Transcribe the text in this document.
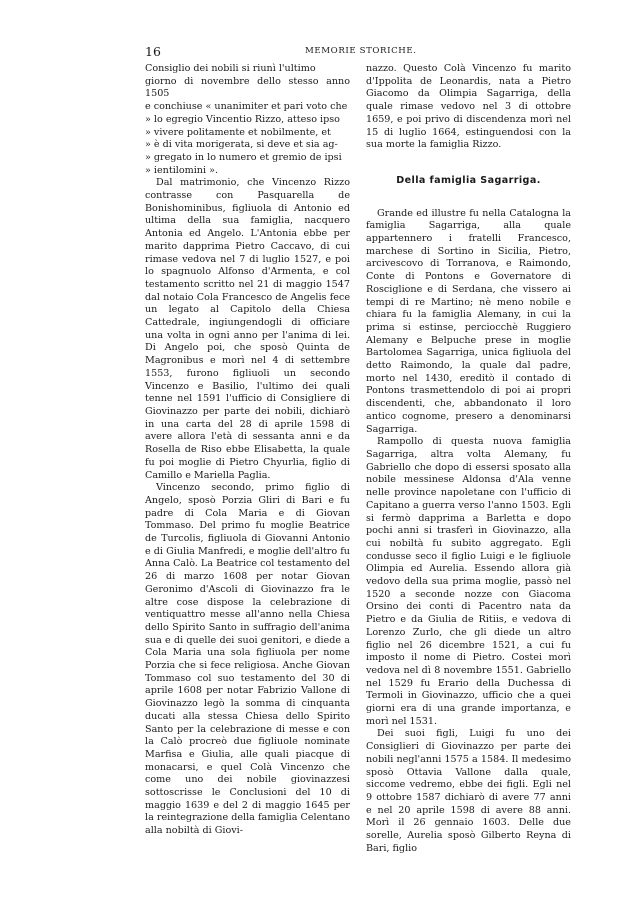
16	MEMORIE STORICHE.
Consiglio dei nobili si riunì l'ultimo
giorno di novembre dello stesso anno 1505
e conchiuse « unanimiter et pari voto che
» lo egregio Vincentio Rizzo, atteso ipso
» vivere politamente et nobilmente, et
» è di vita morigerata, si deve et sia ag-
» gregato in lo numero et gremio de ipsi
» ientilomini ».

Dal matrimonio, che Vincenzo Rizzo contrasse con Pasquarella de Bonishominibus, figliuola di Antonio ed ultima della sua famiglia, nacquero Antonia ed Angelo. L'Antonia ebbe per marito dapprima Pietro Caccavo, di cui rimase vedova nel 7 di luglio 1527, e poi lo spagnuolo Alfonso d'Armenta, e col testamento scritto nel 21 di maggio 1547 dal notaio Cola Francesco de Angelis fece un legato al Capitolo della Chiesa Cattedrale, ingiungendogli di officiare una volta in ogni anno per l'anima di lei. Di Angelo poi, che sposò Quinta de Magronibus e morì nel 4 di settembre 1553, furono figliuoli un secondo Vincenzo e Basilio, l'ultimo dei quali tenne nel 1591 l'ufficio di Consigliere di Giovinazzo per parte dei nobili, dichiarò in una carta del 28 di aprile 1598 di avere allora l'età di sessanta anni e da Rosella de Riso ebbe Elisabetta, la quale fu poi moglie di Pietro Chyurlia, figlio di Camillo e Mariella Paglia.

Vincenzo secondo, primo figlio di Angelo, sposò Porzia Gliri di Bari e fu padre di Cola Maria e di Giovan Tommaso. Del primo fu moglie Beatrice de Turcolis, figliuola di Giovanni Antonio e di Giulia Manfredi, e moglie dell'altro fu Anna Calò. La Beatrice col testamento del 26 di marzo 1608 per notar Giovan Geronimo d'Ascoli di Giovinazzo fra le altre cose dispose la celebrazione di ventiquattro messe all'anno nella Chiesa dello Spirito Santo in suffragio dell'anima sua e di quelle dei suoi genitori, e diede a Cola Maria una sola figliuola per nome Porzia che si fece religiosa. Anche Giovan Tommaso col suo testamento del 30 di aprile 1608 per notar Fabrizio Vallone di Giovinazzo legò la somma di cinquanta ducati alla stessa Chiesa dello Spirito Santo per la celebrazione di messe e con la Calò procreò due figliuole nominate Marfisa e Giulia, alle quali piacque di monacarsi, e quel Colà Vincenzo che come uno dei nobile giovinazzesi sottoscrisse le Conclusioni del 10 di maggio 1639 e del 2 di maggio 1645 per la reintegrazione della famiglia Celentano alla nobiltà di Giovi-

nazzo. Questo Colà Vincenzo fu marito d'Ippolita de Leonardis, nata a Pietro Giacomo da Olimpia Sagarriga, della quale rimase vedovo nel 3 di ottobre 1659, e poi privo di discendenza morì nel 15 di luglio 1664, estinguendosi con la sua morte la famiglia Rizzo.

Della famiglia Sagarriga.

Grande ed illustre fu nella Catalogna la famiglia Sagarriga, alla quale appartennero i fratelli Francesco, marchese di Sortino in Sicilia, Pietro, arcivescovo di Torranova, e Raimondo, Conte di Pontons e Governatore di Rosciglione e di Serdana, che vissero ai tempi di re Martino; nè meno nobile e chiara fu la famiglia Alemany, in cui la prima si estinse, perciocchè Ruggiero Alemany e Belpuche prese in moglie Bartolomea Sagarriga, unica figliuola del detto Raimondo, la quale dal padre, morto nel 1430, ereditò il contado di Pontons trasmettendolo di poi ai propri discendenti, che, abbandonato il loro antico cognome, presero a denominarsi Sagarriga.

Rampollo di questa nuova famiglia Sagarriga, altra volta Alemany, fu Gabriello che dopo di essersi sposato alla nobile messinese Aldonsa d'Ala venne nelle province napoletane con l'ufficio di Capitano a guerra verso l'anno 1503. Egli si fermò dapprima a Barletta e dopo pochi anni si trasferì in Giovinazzo, alla cui nobiltà fu subito aggregato. Egli condusse seco il figlio Luigi e le figliuole Olimpia ed Aurelia. Essendo allora già vedovo della sua prima moglie, passò nel 1520 a seconde nozze con Giacoma Orsino dei conti di Pacentro nata da Pietro e da Giulia de Ritiis, e vedova di Lorenzo Zurlo, che gli diede un altro figlio nel 26 dicembre 1521, a cui fu imposto il nome di Pietro. Costei morì vedova nel dì 8 novembre 1551. Gabriello nel 1529 fu Erario della Duchessa di Termoli in Giovinazzo, ufficio che a quei giorni era di una grande importanza, e morì nel 1531.

Dei suoi figli, Luigi fu uno dei Consiglieri di Giovinazzo per parte dei nobili negl'anni 1575 a 1584. Il medesimo sposò Ottavia Vallone dalla quale, siccome vedremo, ebbe dei figli. Egli nel 9 ottobre 1587 dichiarò di avere 77 anni e nel 20 aprile 1598 di avere 88 anni. Morì il 26 gennaio 1603. Delle due sorelle, Aurelia sposò Gilberto Reyna di Bari, figlio
